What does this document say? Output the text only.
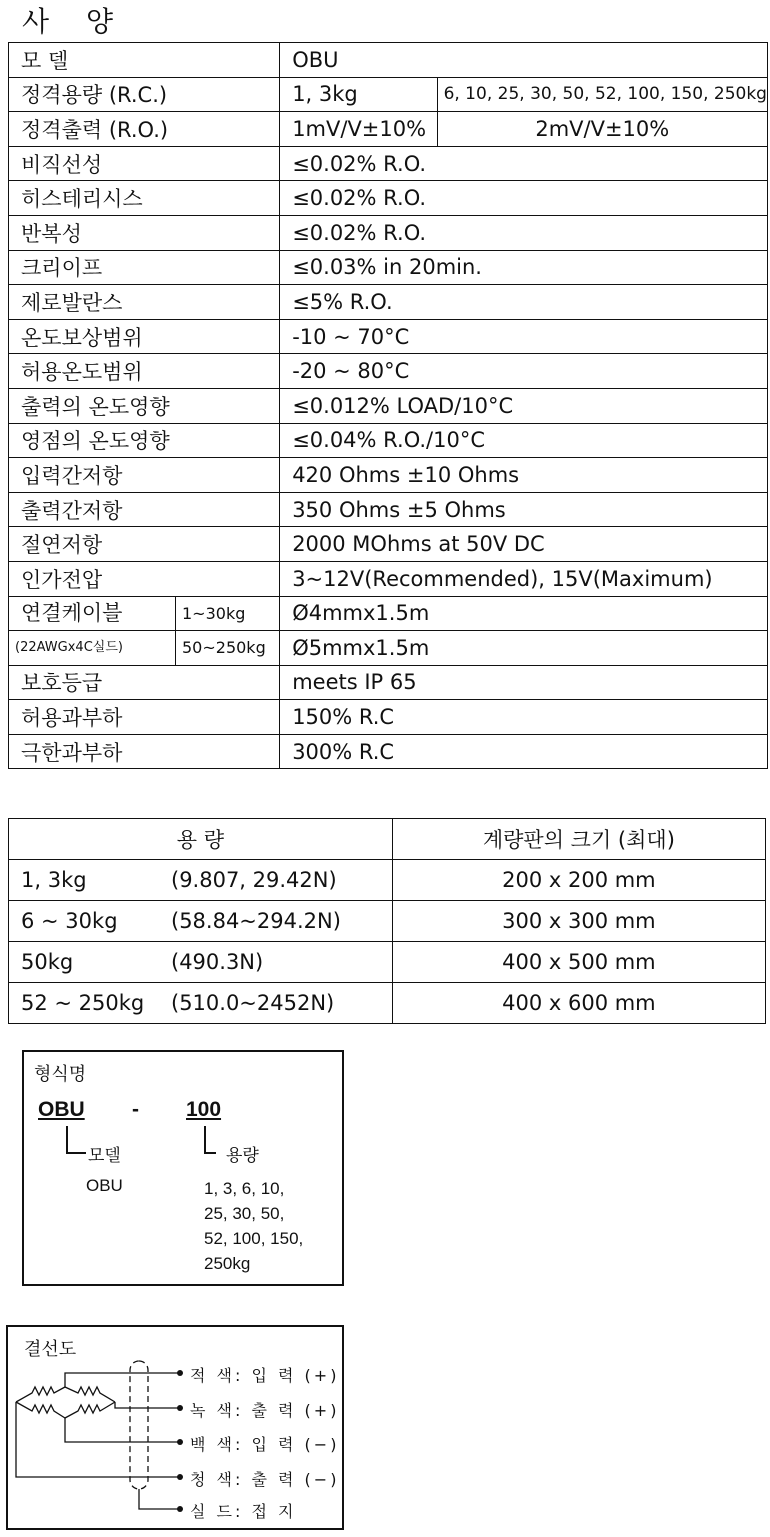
사 양
모 델	OBU	
정격용량 (R.C.)	1, 3kg	6, 10, 25, 30, 50, 52, 100, 150, 250kg
정격출력 (R.O.)	1mV/V±10%	2mV/V±10%
비직선성	≤0.02% R.O.	
히스테리시스	≤0.02% R.O.	
반복성	≤0.02% R.O.	
크리이프	≤0.03% in 20min.	
제로발란스	≤5% R.O.	
온도보상범위	-10 ~ 70°C	
허용온도범위	-20 ~ 80°C	
출력의 온도영향	≤0.012% LOAD/10°C	
영점의 온도영향	≤0.04% R.O./10°C	
입력간저항	420 Ohms ±10 Ohms	
출력간저항	350 Ohms ±5 Ohms	
절연저항	2000 MOhms at 50V DC	
인가전압	3~12V(Recommended), 15V(Maximum)	

연결케이블 1~30kg	Ø4mmx1.5m	

(22AWGx4C실드) 50~250kg	Ø5mmx1.5m	
보호등급	meets IP 65	
허용과부하	150% R.C	
극한과부하	300% R.C	
용 량	계량판의 크기 (최대)
1, 3kg (9.807, 29.42N)	200 x 200 mm
6 ~ 30kg (58.84~294.2N)	300 x 300 mm
50kg (490.3N)	400 x 500 mm
52 ~ 250kg (510.0~2452N)	400 x 600 mm
형식명
OBU - 100
모델	용량
OBU	1, 3, 6, 10,
25, 30, 50,
52, 100, 150,
250kg
결선도
적 색: 입 력 (+)
녹 색: 출 력 (+)
백 색: 입 력 (−)
청 색: 출 력 (−)
실 드: 접 지
